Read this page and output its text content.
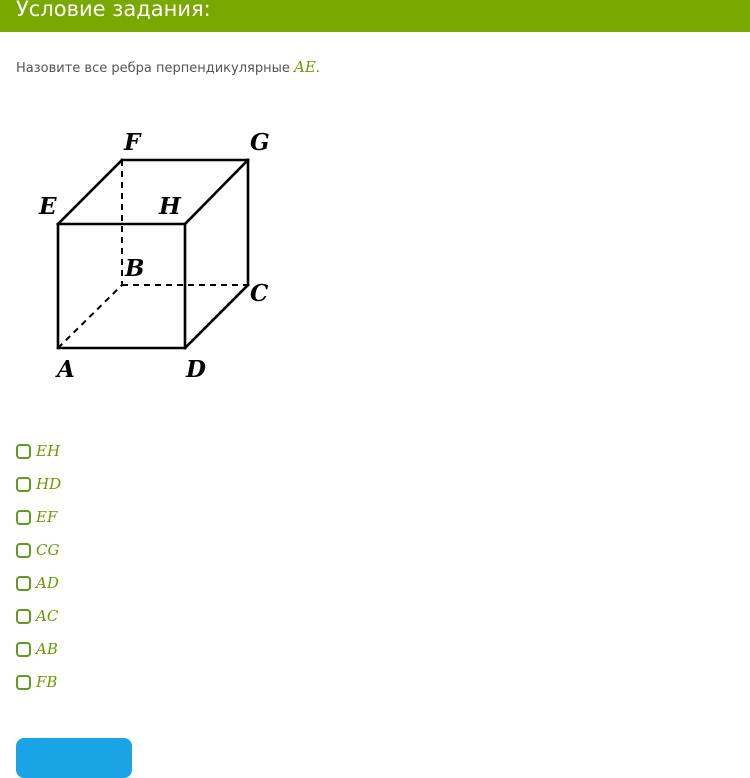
Условие задания:
Назовите все ребра перпендикулярные AE.
F	G
E	H
B
C
A	D
EH
HD
EF
CG
AD
AC
AB
FB
